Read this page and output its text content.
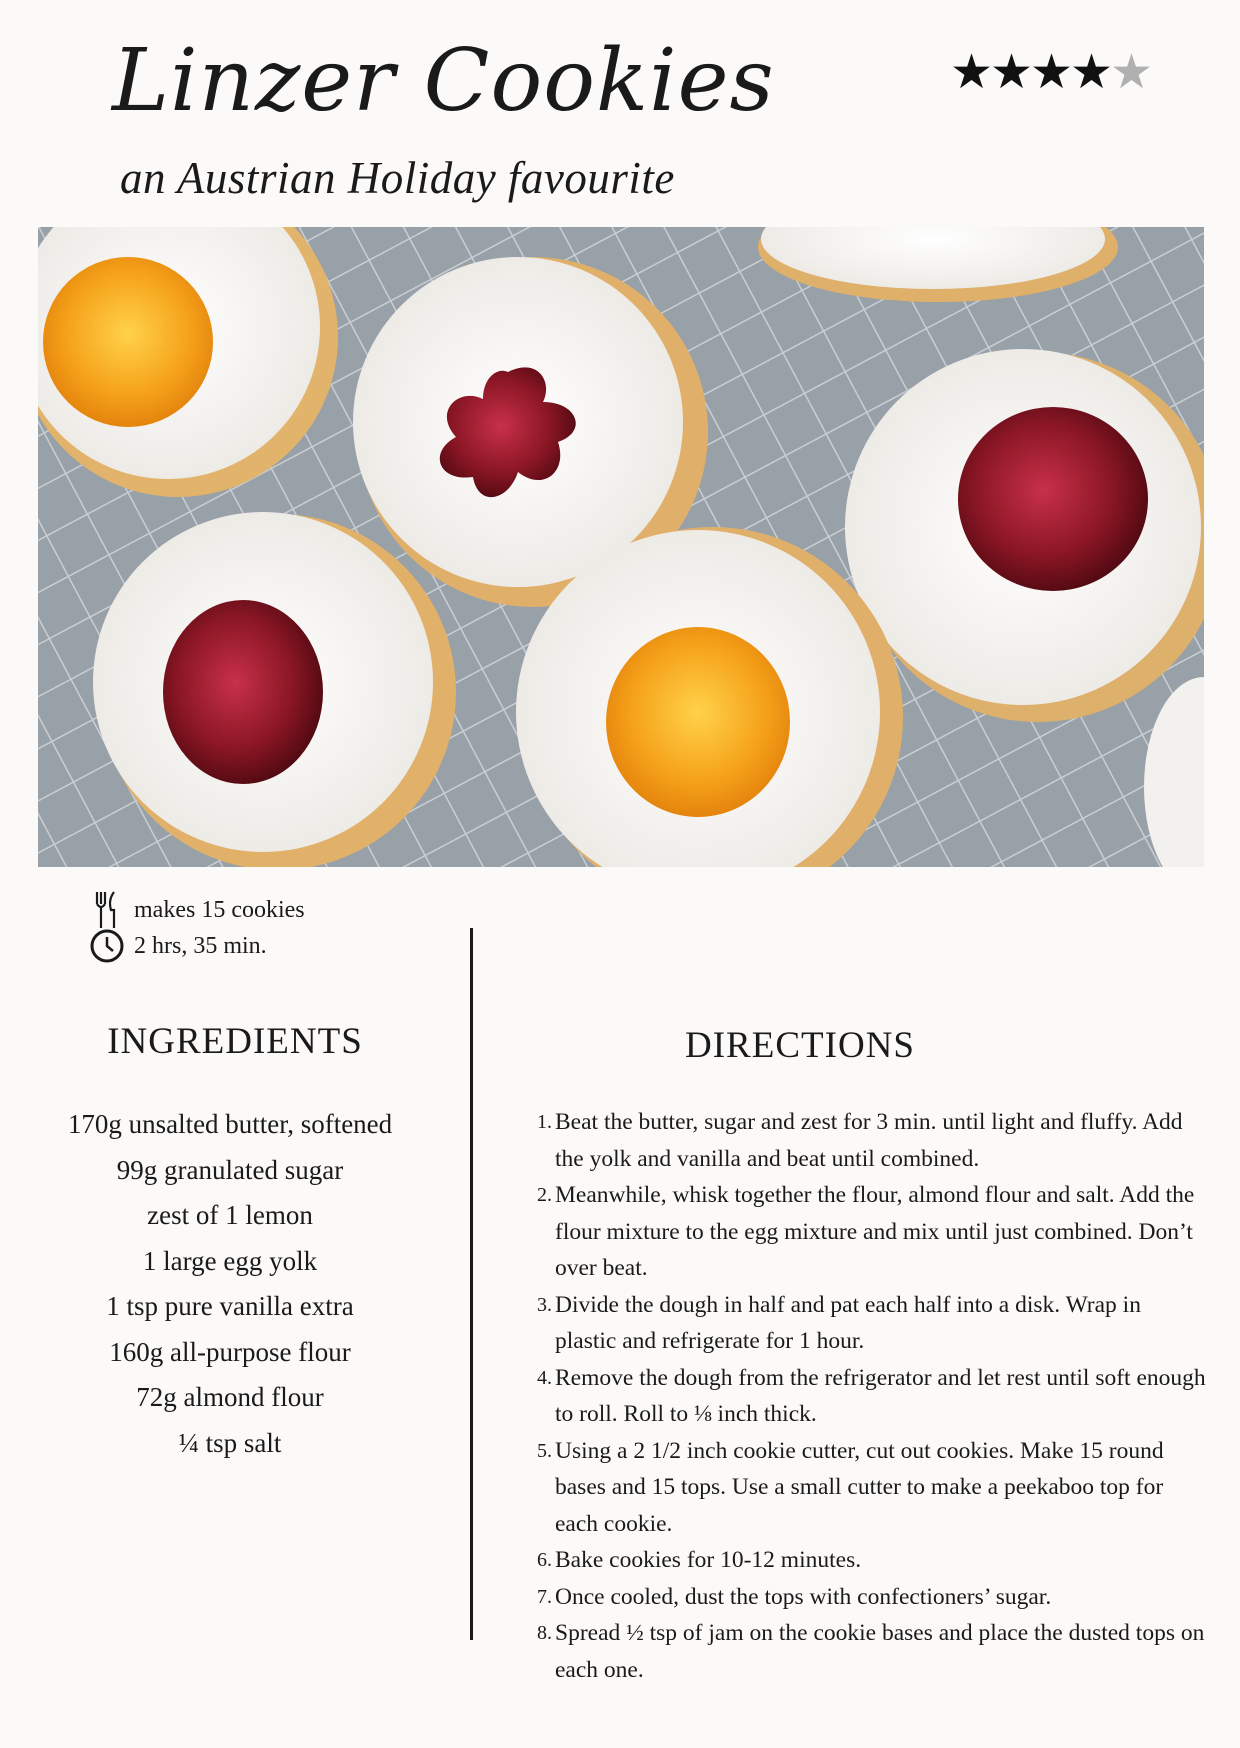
Linzer Cookies
an Austrian Holiday favourite
★
★
★
★
★
makes 15 cookies
2 hrs, 35 min.
INGREDIENTS
170g unsalted butter, softened
99g granulated sugar
zest of 1 lemon
1 large egg yolk
1 tsp pure vanilla extra
160g all-purpose flour
72g almond flour
¼ tsp salt
DIRECTIONS
1. Beat the butter, sugar and zest for 3 min. until light and fluffy. Add the yolk and vanilla and beat until combined.
2. Meanwhile, whisk together the flour, almond flour and salt. Add the flour mixture to the egg mixture and mix until just combined. Don’t over beat.
3. Divide the dough in half and pat each half into a disk. Wrap in plastic and refrigerate for 1 hour.
4. Remove the dough from the refrigerator and let rest until soft enough to roll. Roll to ⅛ inch thick.
5. Using a 2 1/2 inch cookie cutter, cut out cookies. Make 15 round bases and 15 tops. Use a small cutter to make a peekaboo top for each cookie.
6. Bake cookies for 10-12 minutes.
7. Once cooled, dust the tops with confectioners’ sugar.
8. Spread ½ tsp of jam on the cookie bases and place the dusted tops on each one.
